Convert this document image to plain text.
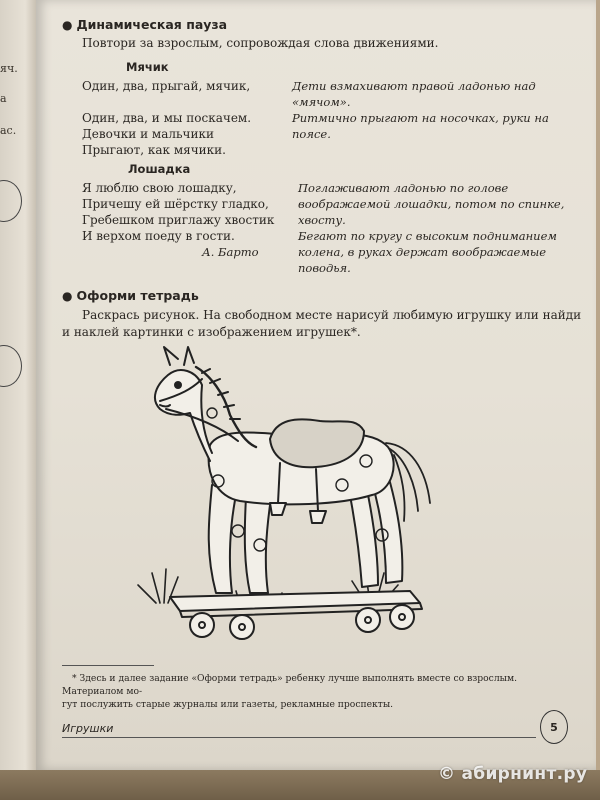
яч.
а
ас.
● Динамическая пауза
Повтори за взрослым, сопровождая слова движениями.
Мячик
Один, два, прыгай, мячик,
Один, два, и мы поскачем.
Девочки и мальчики
Прыгают, как мячики.
Дети взмахивают правой ладонью над
«мячом».
Ритмично прыгают на носочках, руки на
поясе.
Лошадка
Я люблю свою лошадку,
Причешу ей шёрстку гладко,
Гребешком приглажу хвостик
И верхом поеду в гости.
А. Барто
Поглаживают ладонью по голове
воображаемой лошадки, потом по спинке,
хвосту.
Бегают по кругу с высоким подниманием
колена, в руках держат воображаемые
поводья.
● Оформи тетрадь
Раскрась рисунок. На свободном месте нарисуй любимую игрушку или найди
и наклей картинки с изображением игрушек*.
* Здесь и далее задание «Оформи тетрадь» ребенку лучше выполнять вместе со взрослым. Материалом мо-
гут послужить старые журналы или газеты, рекламные проспекты.
Игрушки	5
© абирнинт.ру
